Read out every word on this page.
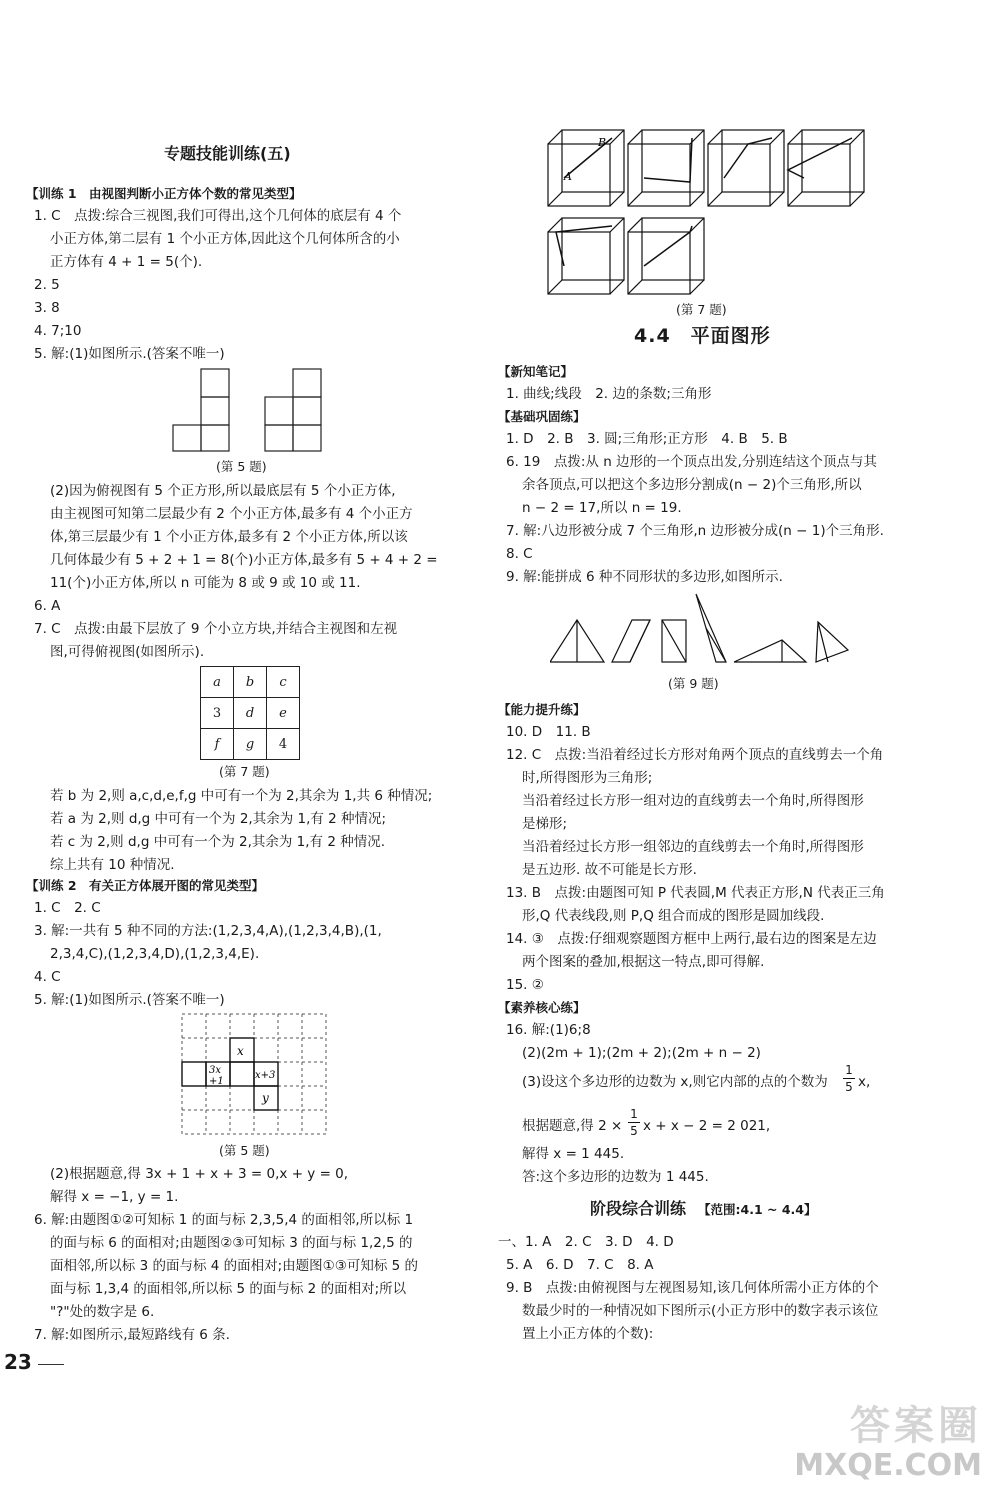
专题技能训练(五)
【训练 1　由视图判断小正方体个数的常见类型】
1. C　点拨:综合三视图,我们可得出,这个几何体的底层有 4 个
小正方体,第二层有 1 个小正方体,因此这个几何体所含的小
正方体有 4 + 1 = 5(个).
2. 5
3. 8
4. 7;10
5. 解:(1)如图所示.(答案不唯一)
(第 5 题)
(2)因为俯视图有 5 个正方形,所以最底层有 5 个小正方体,
由主视图可知第二层最少有 2 个小正方体,最多有 4 个小正方
体,第三层最少有 1 个小正方体,最多有 2 个小正方体,所以该
几何体最少有 5 + 2 + 1 = 8(个)小正方体,最多有 5 + 4 + 2 =
11(个)小正方体,所以 n 可能为 8 或 9 或 10 或 11.
6. A
7. C　点拨:由最下层放了 9 个小立方块,并结合主视图和左视
图,可得俯视图(如图所示).
a	b	c
3	d	e
f	g	4
(第 7 题)
若 b 为 2,则 a,c,d,e,f,g 中可有一个为 2,其余为 1,共 6 种情况;
若 a 为 2,则 d,g 中可有一个为 2,其余为 1,有 2 种情况;
若 c 为 2,则 d,g 中可有一个为 2,其余为 1,有 2 种情况.
综上共有 10 种情况.
【训练 2　有关正方体展开图的常见类型】
1. C　2. C
3. 解:一共有 5 种不同的方法:(1,2,3,4,A),(1,2,3,4,B),(1,
2,3,4,C),(1,2,3,4,D),(1,2,3,4,E).
4. C
5. 解:(1)如图所示.(答案不唯一)
x
3x
+1
x+3
y
(第 5 题)
(2)根据题意,得 3x + 1 + x + 3 = 0,x + y = 0,
解得 x = −1, y = 1.
6. 解:由题图①②可知标 1 的面与标 2,3,5,4 的面相邻,所以标 1
的面与标 6 的面相对;由题图②③可知标 3 的面与标 1,2,5 的
面相邻,所以标 3 的面与标 4 的面相对;由题图①③可知标 5 的
面与标 1,3,4 的面相邻,所以标 5 的面与标 2 的面相对;所以
"?"处的数字是 6.
7. 解:如图所示,最短路线有 6 条.
23
A
B
(第 7 题)
4.4　平面图形
【新知笔记】
1. 曲线;线段　2. 边的条数;三角形
【基础巩固练】
1. D　2. B　3. 圆;三角形;正方形　4. B　5. B
6. 19　点拨:从 n 边形的一个顶点出发,分别连结这个顶点与其
余各顶点,可以把这个多边形分割成(n − 2)个三角形,所以
n − 2 = 17,所以 n = 19.
7. 解:八边形被分成 7 个三角形,n 边形被分成(n − 1)个三角形.
8. C
9. 解:能拼成 6 种不同形状的多边形,如图所示.
(第 9 题)
【能力提升练】
10. D　11. B
12. C　点拨:当沿着经过长方形对角两个顶点的直线剪去一个角
时,所得图形为三角形;
当沿着经过长方形一组对边的直线剪去一个角时,所得图形
是梯形;
当沿着经过长方形一组邻边的直线剪去一个角时,所得图形
是五边形. 故不可能是长方形.
13. B　点拨:由题图可知 P 代表圆,M 代表正方形,N 代表正三角
形,Q 代表线段,则 P,Q 组合而成的图形是圆加线段.
14. ③　点拨:仔细观察题图方框中上两行,最右边的图案是左边
两个图案的叠加,根据这一特点,即可得解.
15. ②
【素养核心练】
16. 解:(1)6;8
(2)(2m + 1);(2m + 2);(2m + n − 2)
(3)设这个多边形的边数为 x,则它内部的点的个数为 $\frac{1}{5} x$,
根据题意,得 $2 \times \frac{1}{5}$ x + x − 2 = 2 021,
解得 x = 1 445.
答:这个多边形的边数为 1 445.
阶段综合训练 【范围:4.1 ~ 4.4】
一、1. A　2. C　3. D　4. D
5. A　6. D　7. C　8. A
9. B　点拨:由俯视图与左视图易知,该几何体所需小正方体的个
数最少时的一种情况如下图所示(小正方形中的数字表示该位
置上小正方体的个数):
答案圈
MXQE.COM
